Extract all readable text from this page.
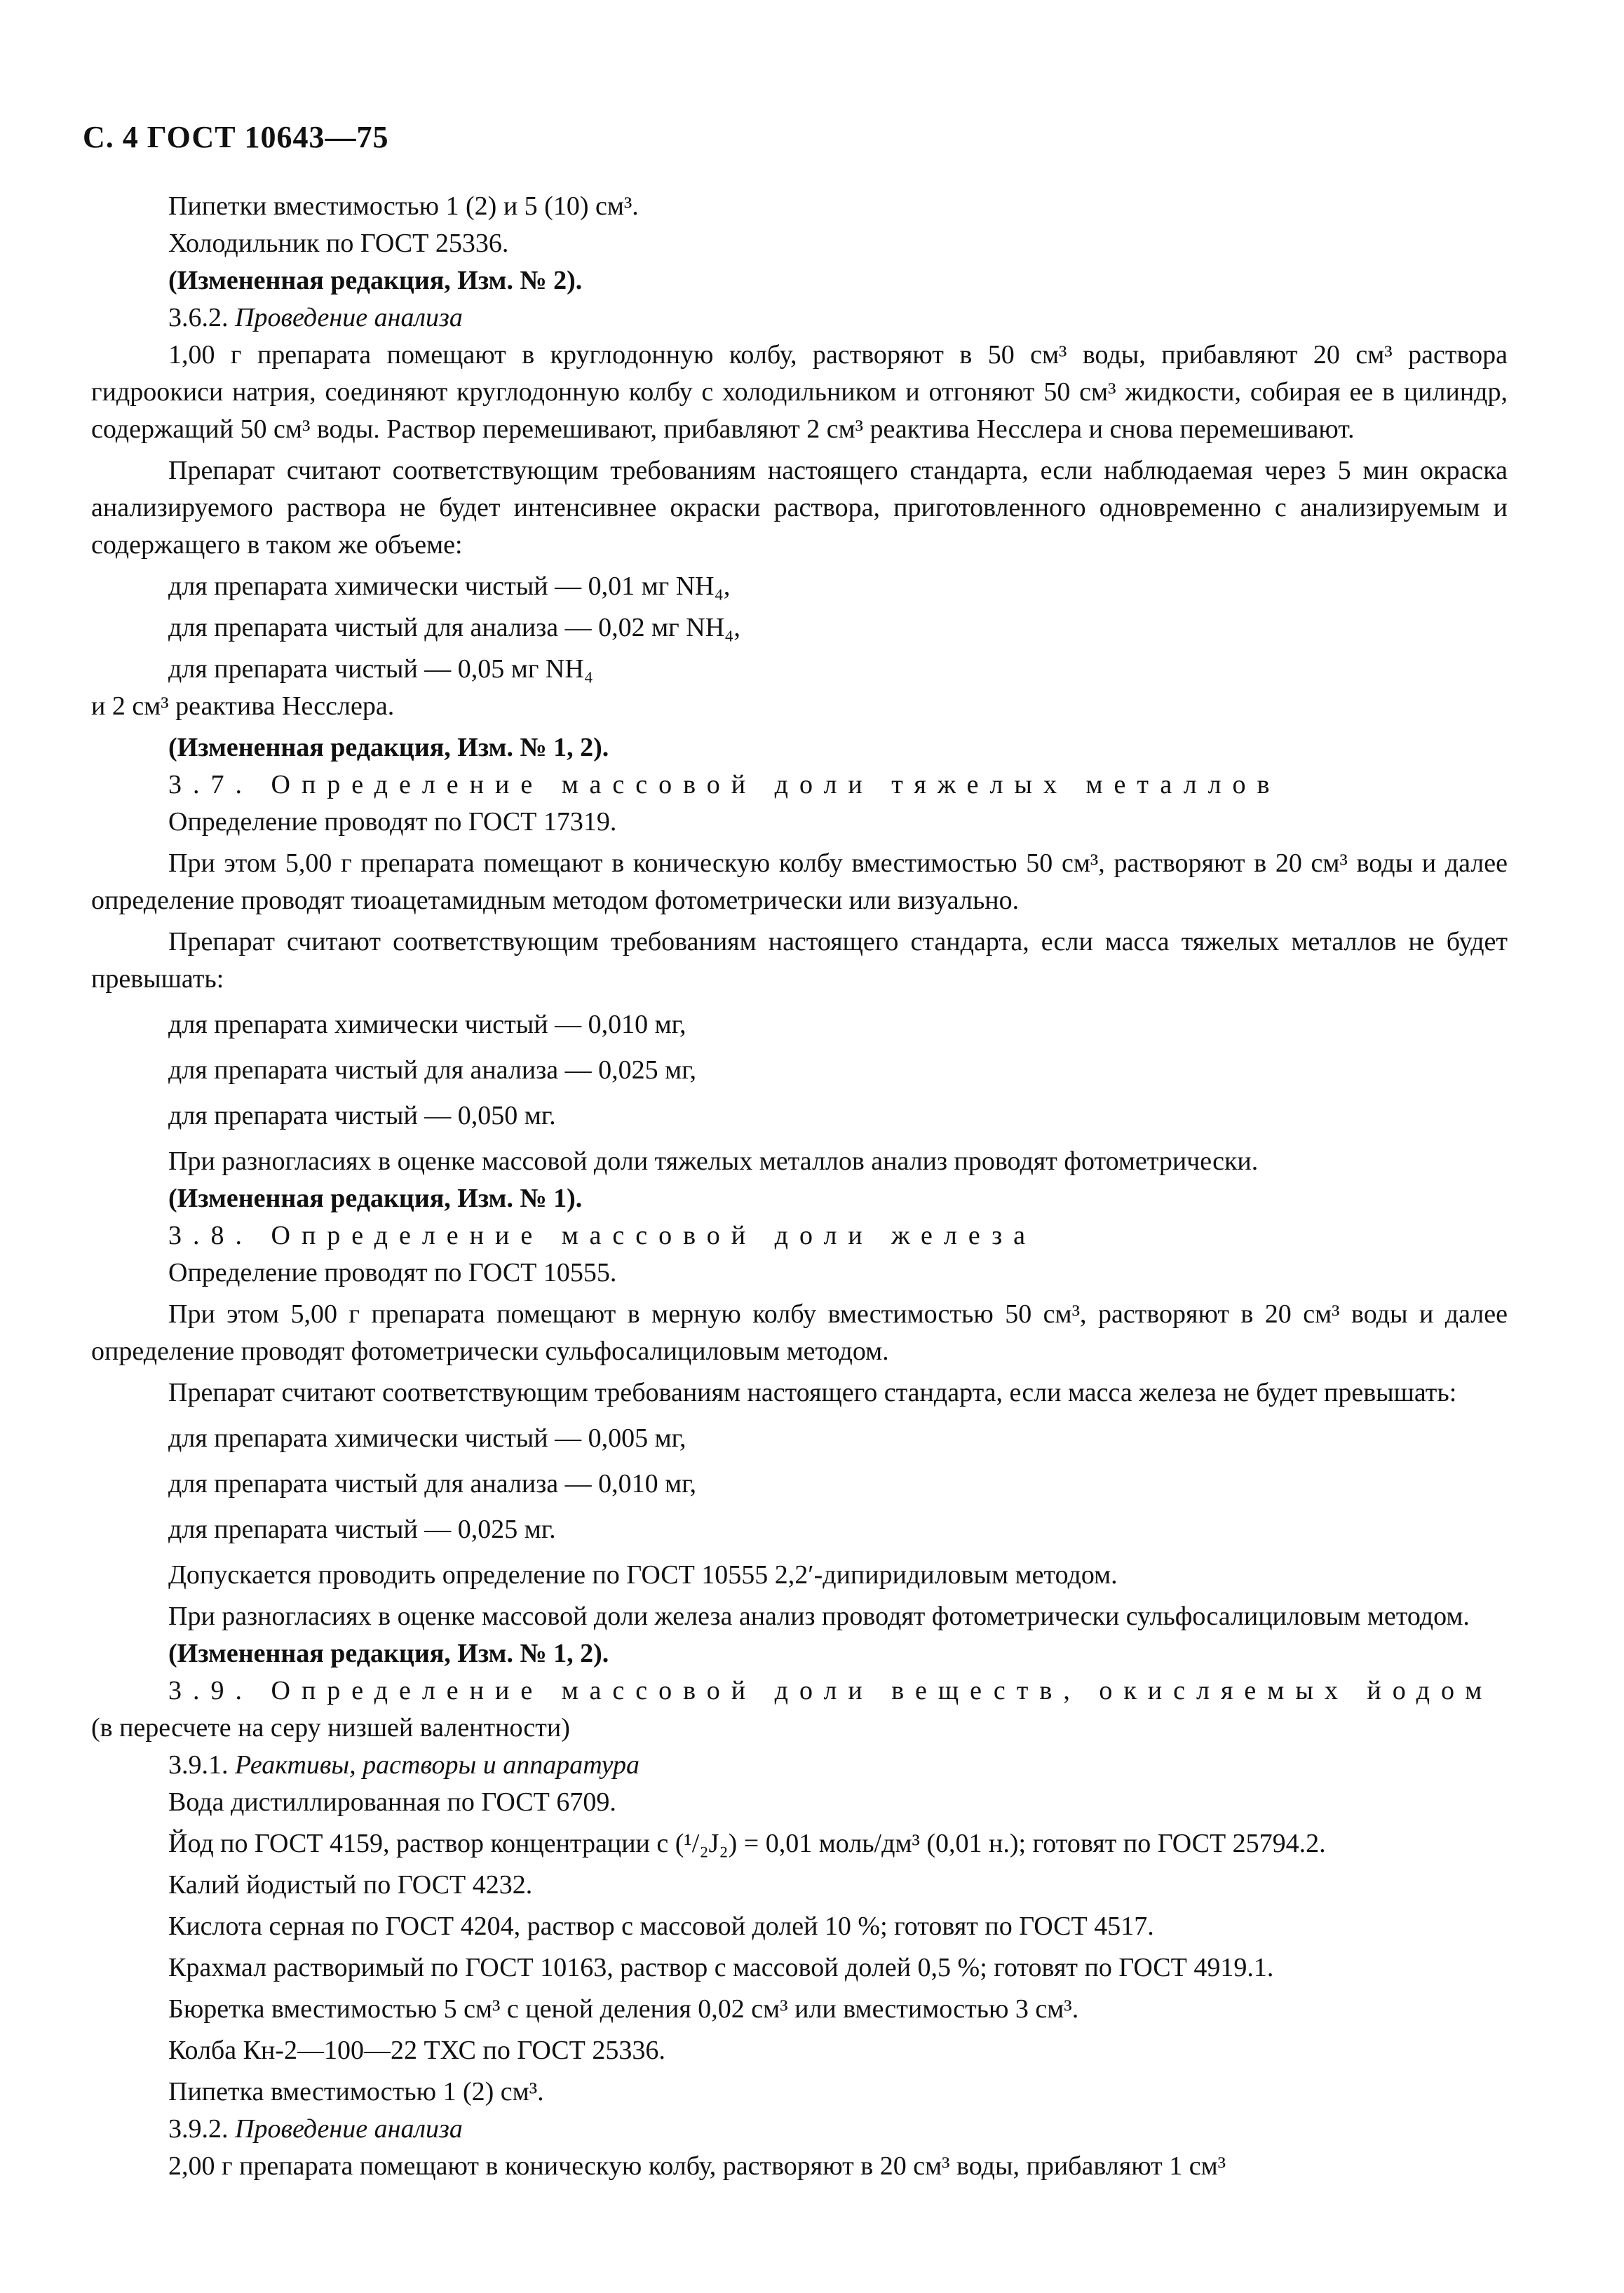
С. 4 ГОСТ 10643—75

Пипетки вместимостью 1 (2) и 5 (10) см³.

Холодильник по ГОСТ 25336.

(Измененная редакция, Изм. № 2).

3.6.2. Проведение анализа

1,00 г препарата помещают в круглодонную колбу, растворяют в 50 см³ воды, прибавляют 20 см³ раствора гидроокиси натрия, соединяют круглодонную колбу с холодильником и отгоняют 50 см³ жидкости, собирая ее в цилиндр, содержащий 50 см³ воды. Раствор перемешивают, прибавляют 2 см³ реактива Несслера и снова перемешивают.

Препарат считают соответствующим требованиям настоящего стандарта, если наблюдаемая через 5 мин окраска анализируемого раствора не будет интенсивнее окраски раствора, приготовленного одновременно с анализируемым и содержащего в таком же объеме:

для препарата химически чистый — 0,01 мг NH₄,

для препарата чистый для анализа — 0,02 мг NH₄,

для препарата чистый — 0,05 мг NH₄

и 2 см³ реактива Несслера.

(Измененная редакция, Изм. № 1, 2).

3.7. Определение массовой доли тяжелых металлов

Определение проводят по ГОСТ 17319.

При этом 5,00 г препарата помещают в коническую колбу вместимостью 50 см³, растворяют в 20 см³ воды и далее определение проводят тиоацетамидным методом фотометрически или визуально.

Препарат считают соответствующим требованиям настоящего стандарта, если масса тяжелых металлов не будет превышать:

для препарата химически чистый — 0,010 мг,

для препарата чистый для анализа — 0,025 мг,

для препарата чистый — 0,050 мг.

При разногласиях в оценке массовой доли тяжелых металлов анализ проводят фотометрически.

(Измененная редакция, Изм. № 1).

3.8. Определение массовой доли железа

Определение проводят по ГОСТ 10555.

При этом 5,00 г препарата помещают в мерную колбу вместимостью 50 см³, растворяют в 20 см³ воды и далее определение проводят фотометрически сульфосалициловым методом.

Препарат считают соответствующим требованиям настоящего стандарта, если масса железа не будет превышать:

для препарата химически чистый — 0,005 мг,

для препарата чистый для анализа — 0,010 мг,

для препарата чистый — 0,025 мг.

Допускается проводить определение по ГОСТ 10555 2,2′-дипиридиловым методом.

При разногласиях в оценке массовой доли железа анализ проводят фотометрически сульфосалициловым методом.

(Измененная редакция, Изм. № 1, 2).

3.9. Определение массовой доли веществ, окисляемых йодом

(в пересчете на серу низшей валентности)

3.9.1. Реактивы, растворы и аппаратура

Вода дистиллированная по ГОСТ 6709.

Йод по ГОСТ 4159, раствор концентрации с (¹/₂J₂) = 0,01 моль/дм³ (0,01 н.); готовят по ГОСТ 25794.2.

Калий йодистый по ГОСТ 4232.

Кислота серная по ГОСТ 4204, раствор с массовой долей 10 %; готовят по ГОСТ 4517.

Крахмал растворимый по ГОСТ 10163, раствор с массовой долей 0,5 %; готовят по ГОСТ 4919.1.

Бюретка вместимостью 5 см³ с ценой деления 0,02 см³ или вместимостью 3 см³.

Колба Кн-2—100—22 ТХС по ГОСТ 25336.

Пипетка вместимостью 1 (2) см³.

3.9.2. Проведение анализа

2,00 г препарата помещают в коническую колбу, растворяют в 20 см³ воды, прибавляют 1 см³
